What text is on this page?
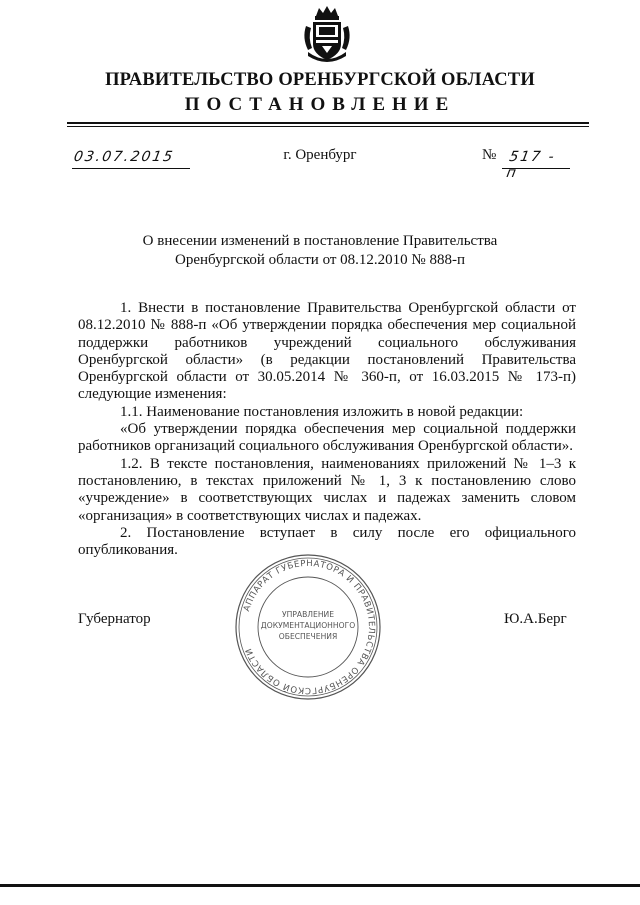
ПРАВИТЕЛЬСТВО ОРЕНБУРГСКОЙ ОБЛАСТИ
ПОСТАНОВЛЕНИЕ
03.07.2015	г. Оренбург	№ 517 - п
О внесении изменений в постановление Правительства
Оренбургской области от 08.12.2010 № 888-п

1. Внести в постановление Правительства Оренбургской области от 08.12.2010 № 888-п «Об утверждении порядка обеспечения мер социальной поддержки работников учреждений социального обслуживания Оренбургской области» (в редакции постановлений Правительства Оренбургской области от 30.05.2014 № 360-п, от 16.03.2015 № 173-п) следующие изменения:

1.1. Наименование постановления изложить в новой редакции:

«Об утверждении порядка обеспечения мер социальной поддержки работников организаций социального обслуживания Оренбургской области».

1.2. В тексте постановления, наименованиях приложений № 1–3 к постановлению, в текстах приложений № 1, 3 к постановлению слово «учреждение» в соответствующих числах и падежах заменить словом «организация» в соответствующих числах и падежах.

2. Постановление вступает в силу после его официального опубликования.

Губернатор	Ю.А.Берг
АППАРАТ ГУБЕРНАТОРА И ПРАВИТЕЛЬСТВА ОРЕНБУРГСКОЙ ОБЛАСТИ
УПРАВЛЕНИЕ
ДОКУМЕНТАЦИОННОГО
ОБЕСПЕЧЕНИЯ
